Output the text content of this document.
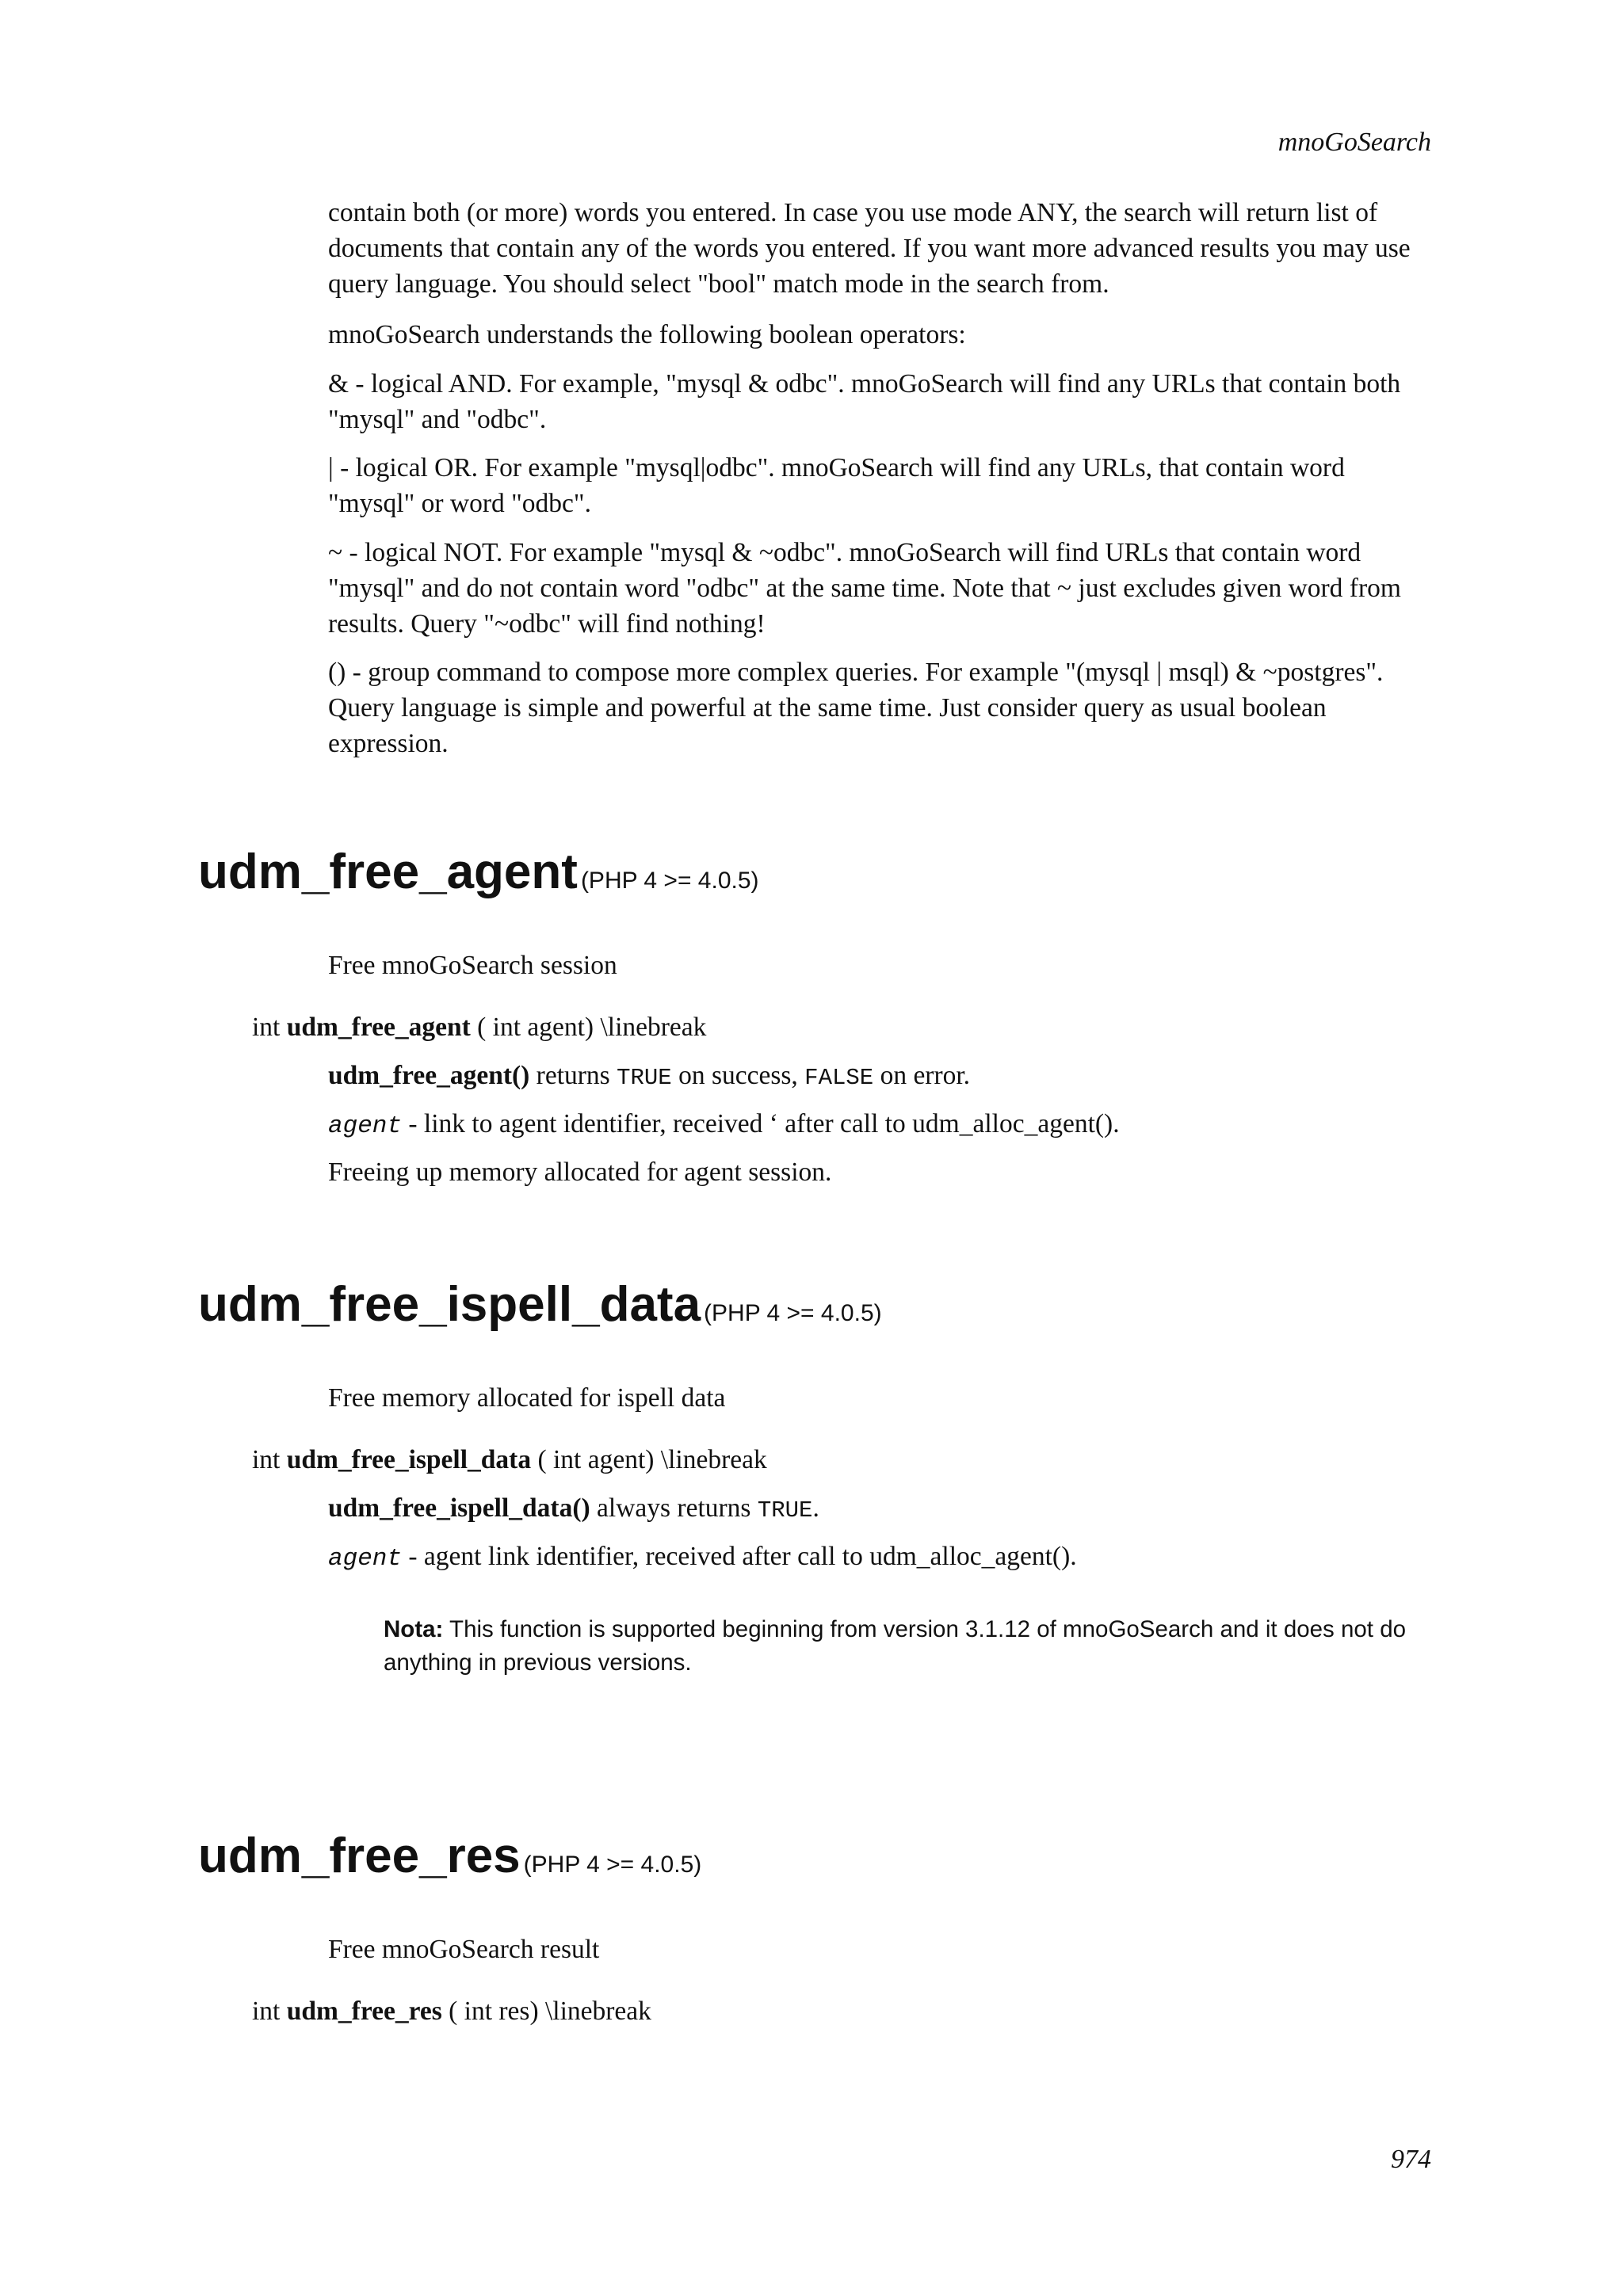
mnoGoSearch

contain both (or more) words you entered. In case you use mode ANY, the search will return list of documents that contain any of the words you entered. If you want more advanced results you may use query language. You should select "bool" match mode in the search from.

mnoGoSearch understands the following boolean operators:

& - logical AND. For example, "mysql & odbc". mnoGoSearch will find any URLs that contain both "mysql" and "odbc".

| - logical OR. For example "mysql|odbc". mnoGoSearch will find any URLs, that contain word "mysql" or word "odbc".

~ - logical NOT. For example "mysql & ~odbc". mnoGoSearch will find URLs that contain word "mysql" and do not contain word "odbc" at the same time. Note that ~ just excludes given word from results. Query "~odbc" will find nothing!

() - group command to compose more complex queries. For example "(mysql | msql) & ~postgres". Query language is simple and powerful at the same time. Just consider query as usual boolean expression.

udm_free_agent (PHP 4 >= 4.0.5)
Free mnoGoSearch session
int udm_free_agent ( int agent) \linebreak
udm_free_agent() returns TRUE on success, FALSE on error.
agent - link to agent identifier, received ‘ after call to udm_alloc_agent().
Freeing up memory allocated for agent session.
udm_free_ispell_data (PHP 4 >= 4.0.5)
Free memory allocated for ispell data
int udm_free_ispell_data ( int agent) \linebreak
udm_free_ispell_data() always returns TRUE.
agent - agent link identifier, received after call to udm_alloc_agent().
Nota: This function is supported beginning from version 3.1.12 of mnoGoSearch and it does not do anything in previous versions.
udm_free_res (PHP 4 >= 4.0.5)
Free mnoGoSearch result
int udm_free_res ( int res) \linebreak
974
